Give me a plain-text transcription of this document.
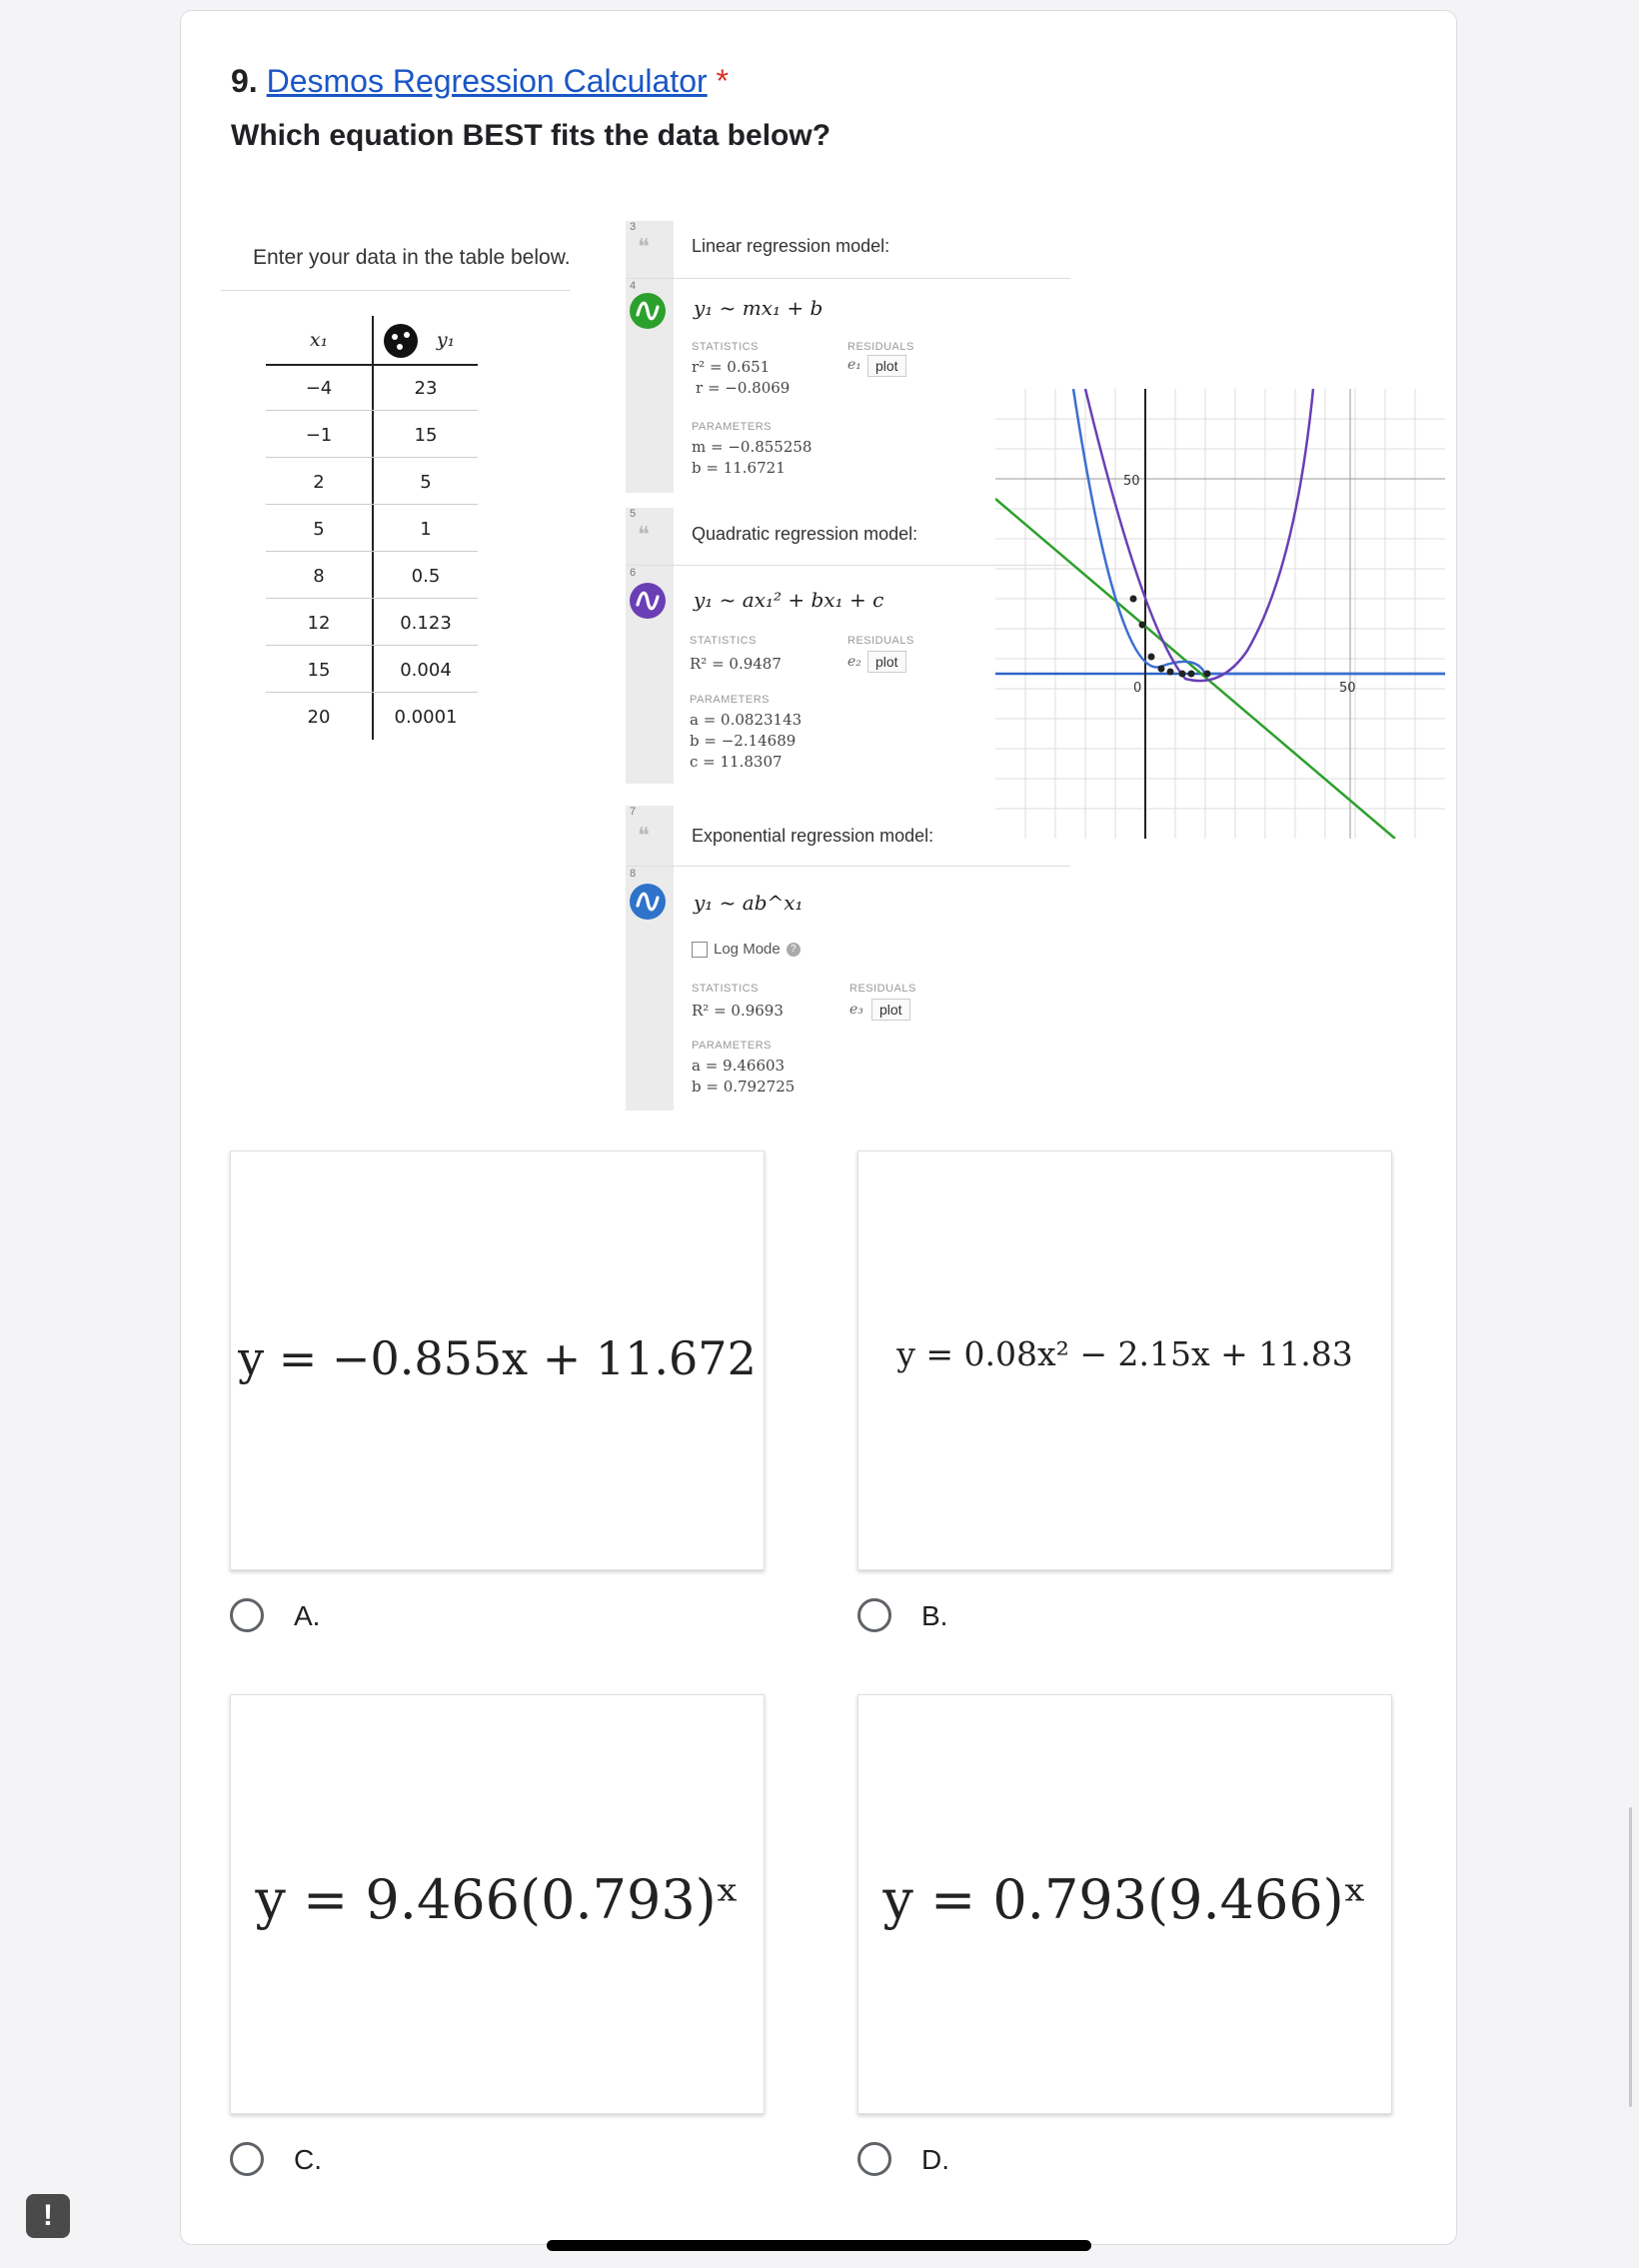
9. Desmos Regression Calculator *
Which equation BEST fits the data below?
Enter your data in the table below.
x₁	y₁
−4	23
−1	15
2	5
5	1
8	0.5
12	0.123
15	0.004
20	0.0001
3
❝ Linear regression model:
4
y₁ ~ mx₁ + b
STATISTICS	RESIDUALS
r² = 0.651
r = −0.8069
e₁	plot
PARAMETERS
m = −0.855258
b = 11.6721
5
❝ Quadratic regression model:
6
y₁ ~ ax₁² + bx₁ + c
STATISTICS	RESIDUALS
R² = 0.9487	e₂	plot
PARAMETERS
a = 0.0823143
b = −2.14689
c = 11.8307
7
❝ Exponential regression model:
8
y₁ ~ ab^x₁
Log Mode	?
STATISTICS	RESIDUALS
R² = 0.9693	e₃	plot
PARAMETERS
a = 9.46603
b = 0.792725
50
0	50
y = −0.855x + 11.672
A.
y = 0.08x² − 2.15x + 11.83
B.
y = 9.466(0.793)ˣ
C.
y = 0.793(9.466)ˣ
D.
!
